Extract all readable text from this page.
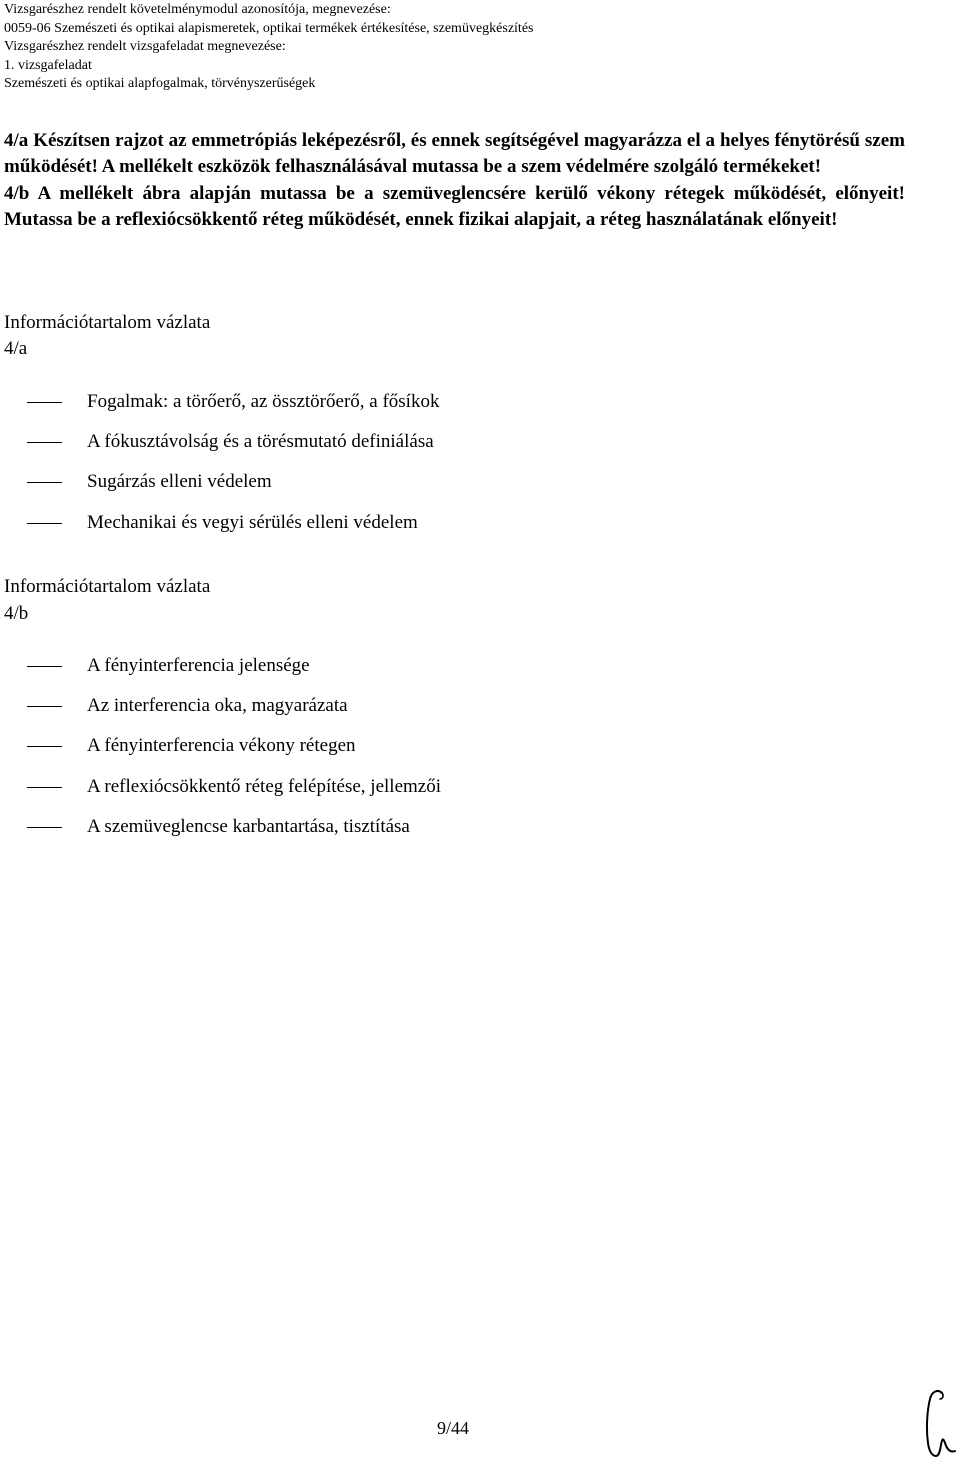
Vizsgarészhez rendelt követelménymodul azonosítója, megnevezése:
0059-06 Szemészeti és optikai alapismeretek, optikai termékek értékesítése, szemüvegkészítés
Vizsgarészhez rendelt vizsgafeladat megnevezése:
1. vizsgafeladat
Szemészeti és optikai alapfogalmak, törvényszerűségek

4/a Készítsen rajzot az emmetrópiás leképezésről, és ennek segítségével magyarázza el a helyes fénytörésű szem működését! A mellékelt eszközök felhasználásával mutassa be a szem védelmére szolgáló termékeket!

4/b A mellékelt ábra alapján mutassa be a szemüveglencsére kerülő vékony rétegek működését, előnyeit! Mutassa be a reflexiócsökkentő réteg működését, ennek fizikai alapjait, a réteg használatának előnyeit!

Információtartalom vázlata
4/a
Fogalmak: a törőerő, az össztörőerő, a fősíkok
A fókusztávolság és a törésmutató definiálása
Sugárzás elleni védelem
Mechanikai és vegyi sérülés elleni védelem
Információtartalom vázlata
4/b
A fényinterferencia jelensége
Az interferencia oka, magyarázata
A fényinterferencia vékony rétegen
A reflexiócsökkentő réteg felépítése, jellemzői
A szemüveglencse karbantartása, tisztítása
9/44
